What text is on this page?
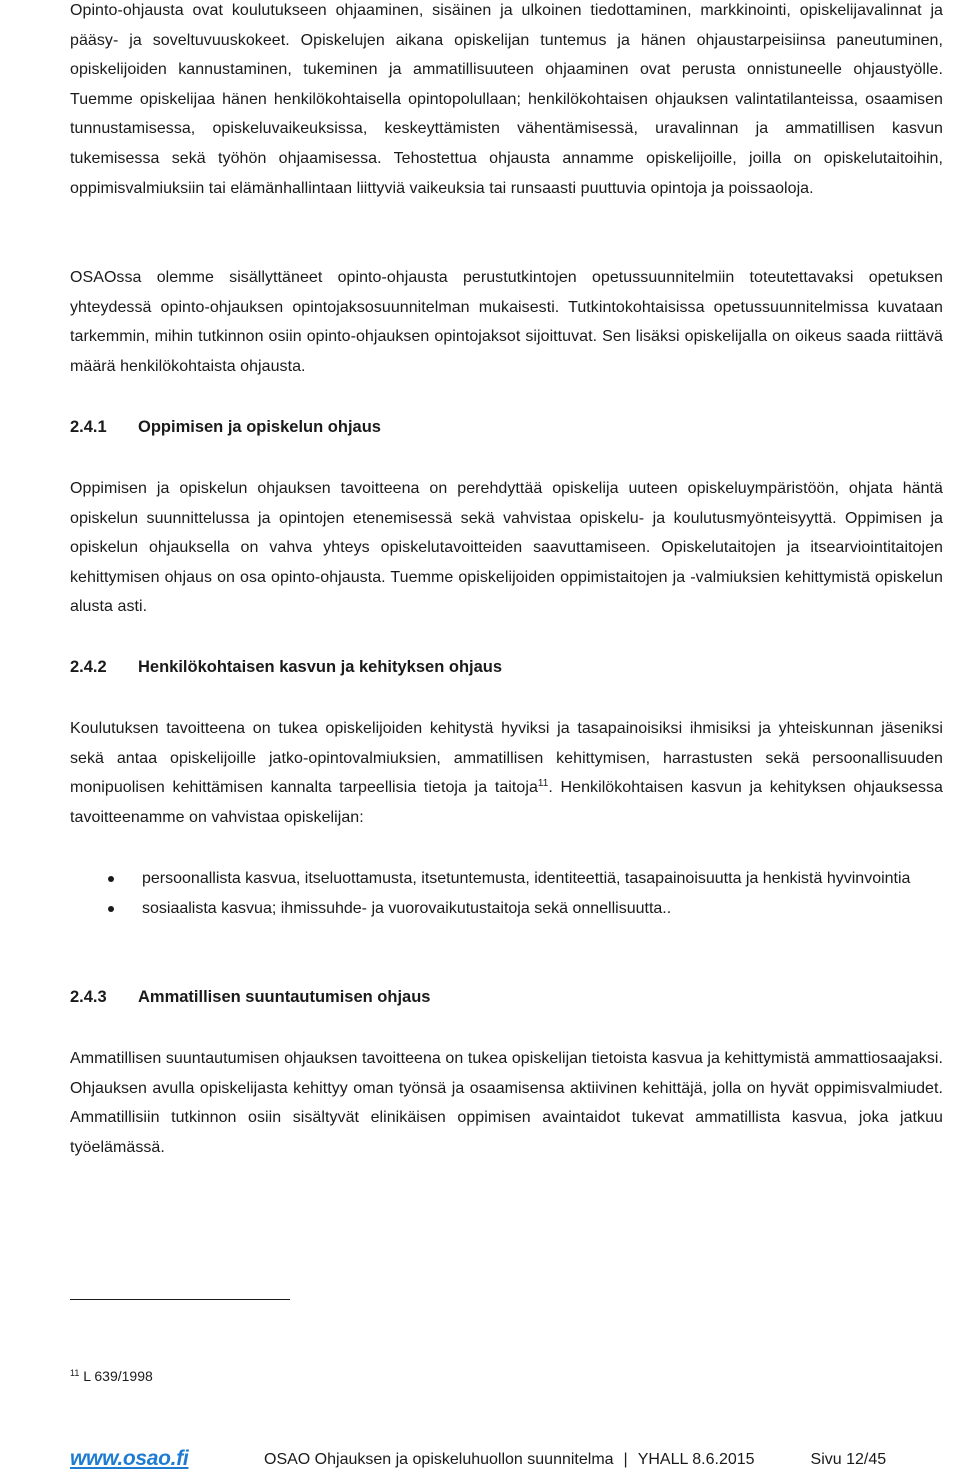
Opinto-ohjausta ovat koulutukseen ohjaaminen, sisäinen ja ulkoinen tiedottaminen, markkinointi, opiskelijavalinnat ja pääsy- ja soveltuvuuskokeet. Opiskelujen aikana opiskelijan tuntemus ja hänen ohjaustarpeisiinsa paneutuminen, opiskelijoiden kannustaminen, tukeminen ja ammatillisuuteen ohjaaminen ovat perusta onnistuneelle ohjaustyölle. Tuemme opiskelijaa hänen henkilökohtaisella opintopolullaan; henkilökohtaisen ohjauksen valintatilanteissa, osaamisen tunnustamisessa, opiskeluvaikeuksissa, keskeyttämisten vähentämisessä, uravalinnan ja ammatillisen kasvun tukemisessa sekä työhön ohjaamisessa. Tehostettua ohjausta annamme opiskelijoille, joilla on opiskelutaitoihin, oppimisvalmiuksiin tai elämänhallintaan liittyviä vaikeuksia tai runsaasti puuttuvia opintoja ja poissaoloja.

OSAOssa olemme sisällyttäneet opinto-ohjausta perustutkintojen opetussuunnitelmiin toteutettavaksi opetuksen yhteydessä opinto-ohjauksen opintojaksosuunnitelman mukaisesti. Tutkintokohtaisissa opetussuunnitelmissa kuvataan tarkemmin, mihin tutkinnon osiin opinto-ohjauksen opintojaksot sijoittuvat. Sen lisäksi opiskelijalla on oikeus saada riittävä määrä henkilökohtaista ohjausta.

2.4.1 Oppimisen ja opiskelun ohjaus

Oppimisen ja opiskelun ohjauksen tavoitteena on perehdyttää opiskelija uuteen opiskeluympäristöön, ohjata häntä opiskelun suunnittelussa ja opintojen etenemisessä sekä vahvistaa opiskelu- ja koulutusmyönteisyyttä. Oppimisen ja opiskelun ohjauksella on vahva yhteys opiskelutavoitteiden saavuttamiseen. Opiskelutaitojen ja itsearviointitaitojen kehittymisen ohjaus on osa opinto-ohjausta. Tuemme opiskelijoiden oppimistaitojen ja -valmiuksien kehittymistä opiskelun alusta asti.

2.4.2 Henkilökohtaisen kasvun ja kehityksen ohjaus

Koulutuksen tavoitteena on tukea opiskelijoiden kehitystä hyviksi ja tasapainoisiksi ihmisiksi ja yhteiskunnan jäseniksi sekä antaa opiskelijoille jatko-opintovalmiuksien, ammatillisen kehittymisen, harrastusten sekä persoonallisuuden monipuolisen kehittämisen kannalta tarpeellisia tietoja ja taitoja$^{11}$. Henkilökohtaisen kasvun ja kehityksen ohjauksessa tavoitteenamme on vahvistaa opiskelijan:

persoonallista kasvua, itseluottamusta, itsetuntemusta, identiteettiä, tasapainoisuutta ja henkistä hyvinvointia
sosiaalista kasvua; ihmissuhde- ja vuorovaikutustaitoja sekä onnellisuutta..
2.4.3 Ammatillisen suuntautumisen ohjaus

Ammatillisen suuntautumisen ohjauksen tavoitteena on tukea opiskelijan tietoista kasvua ja kehittymistä ammattiosaajaksi. Ohjauksen avulla opiskelijasta kehittyy oman työnsä ja osaamisensa aktiivinen kehittäjä, jolla on hyvät oppimisvalmiudet. Ammatillisiin tutkinnon osiin sisältyvät elinikäisen oppimisen avaintaidot tukevat ammatillista kasvua, joka jatkuu työelämässä.

$^{11}$ L 639/1998
www.osao.fi	OSAO Ohjauksen ja opiskeluhuollon suunnitelma | YHALL 8.6.2015	Sivu 12/45
